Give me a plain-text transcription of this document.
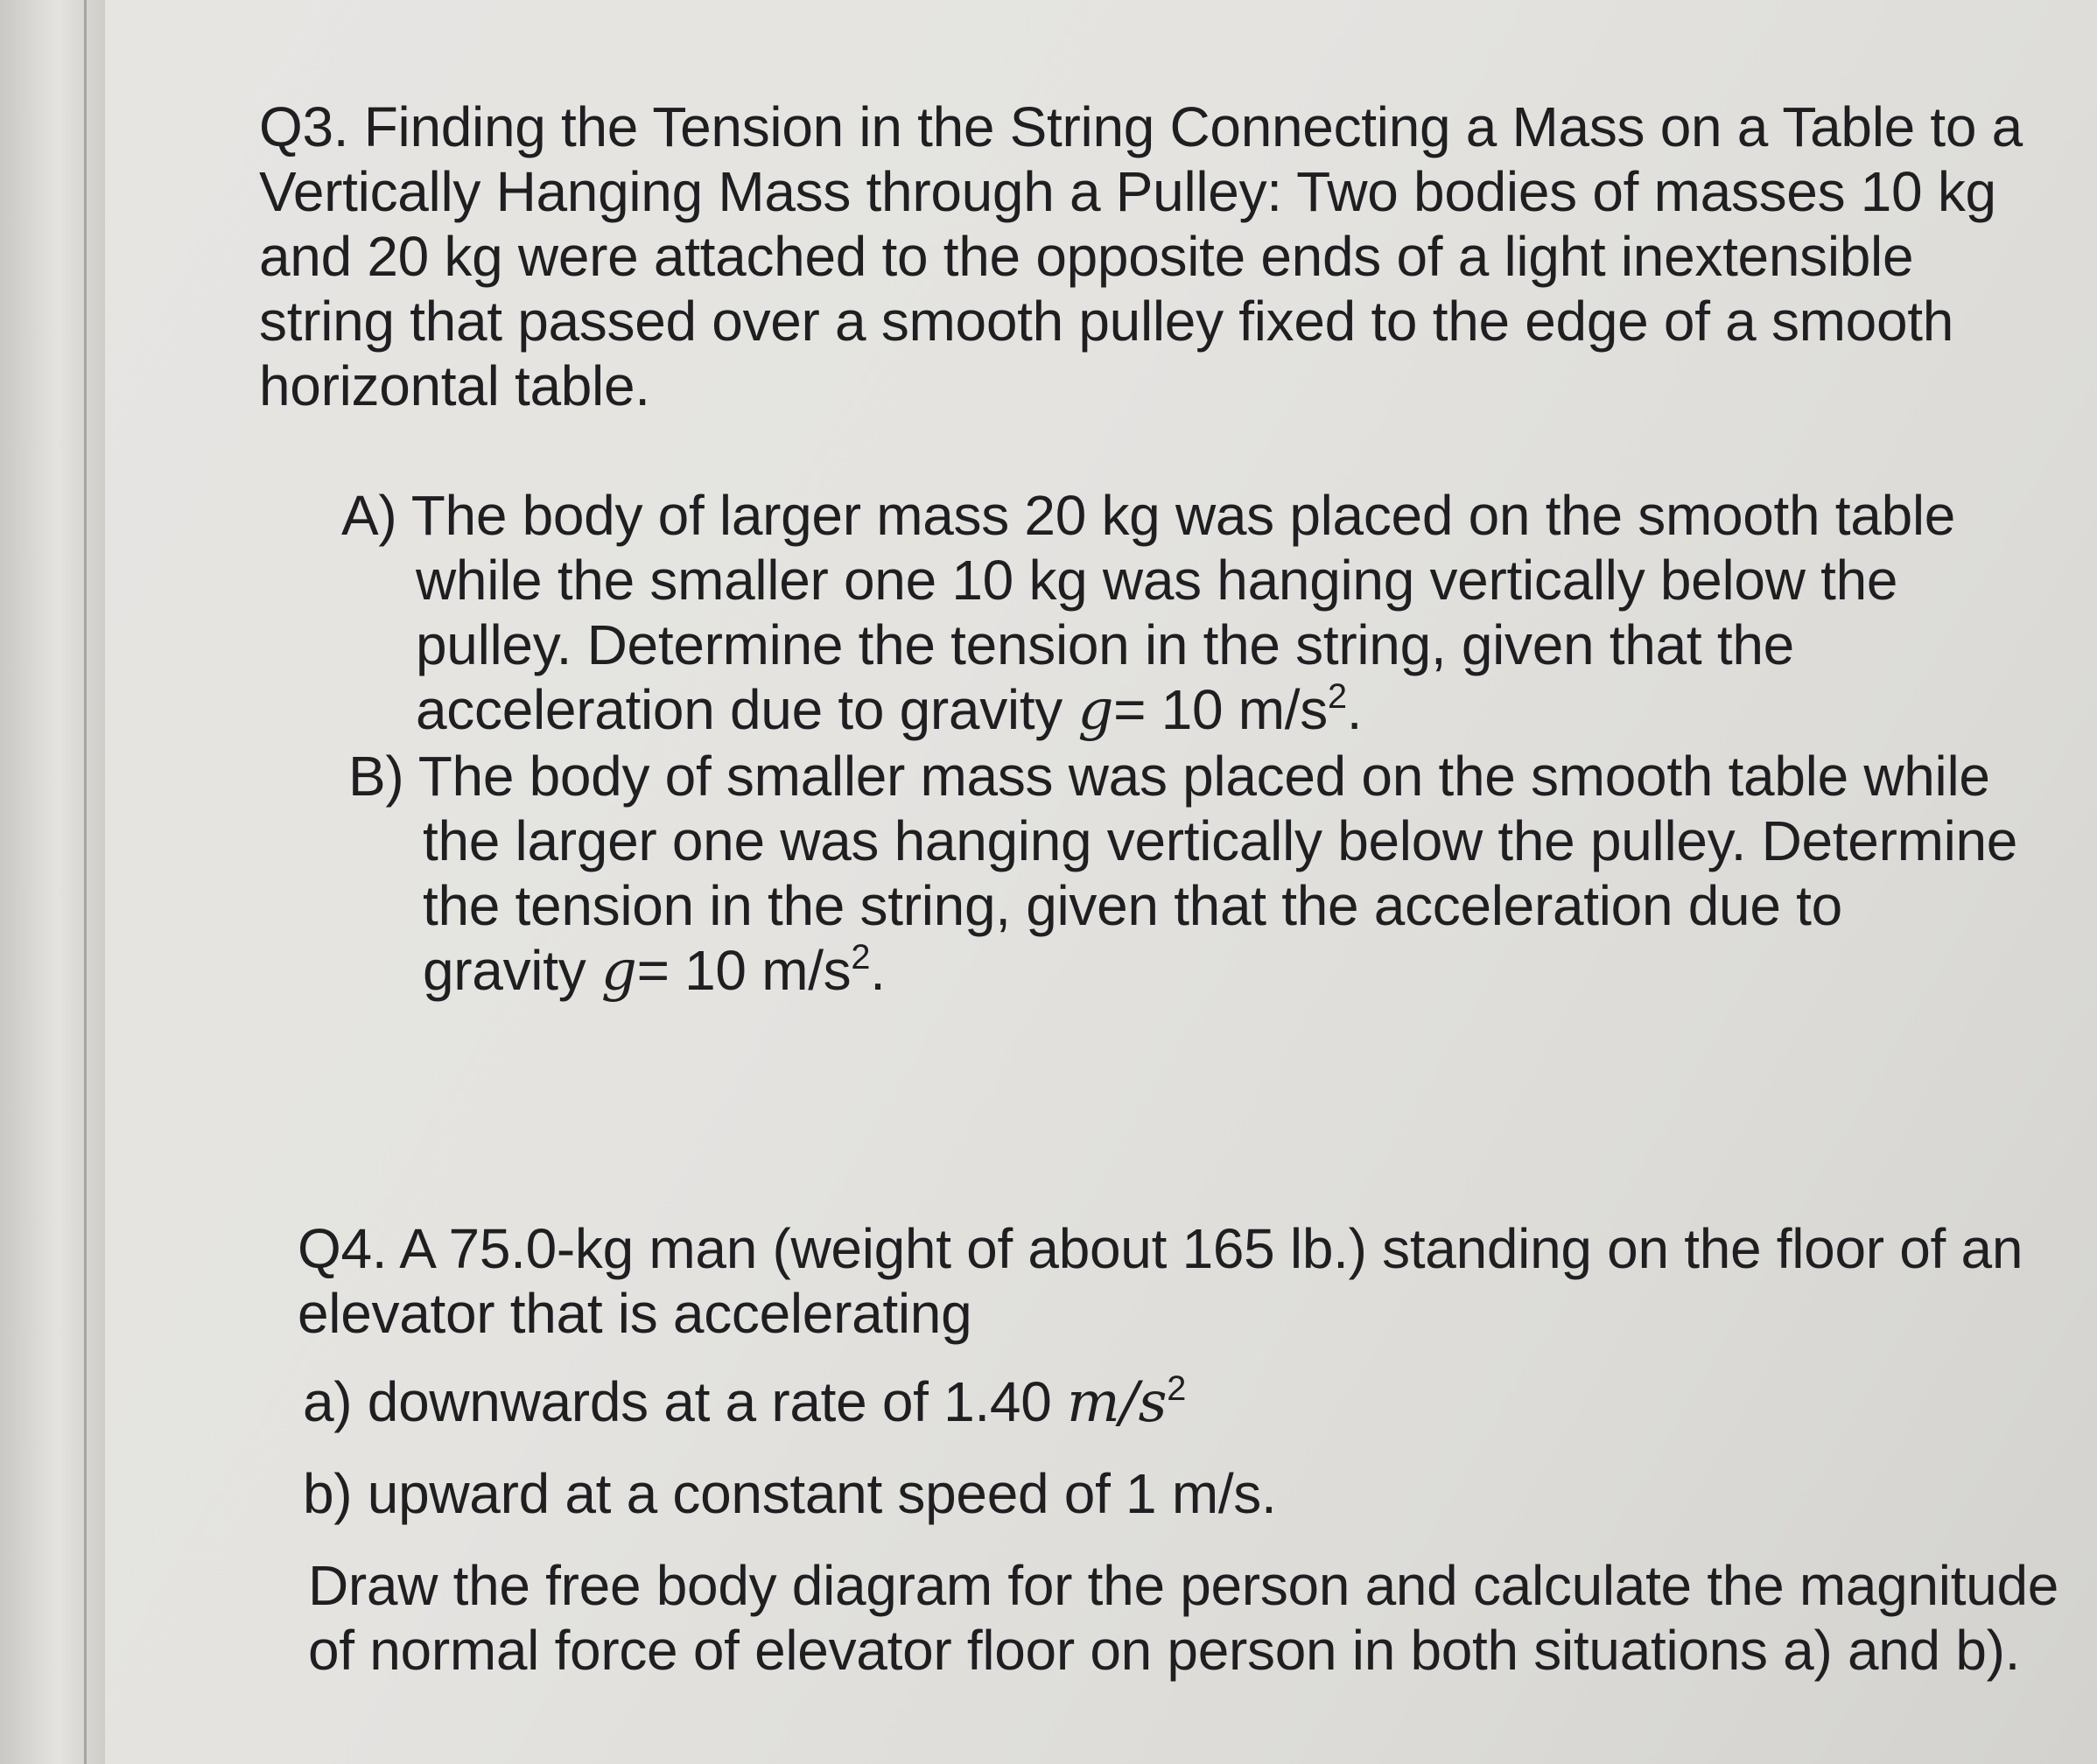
Q3. Finding the Tension in the String Connecting a Mass on a Table to a
Vertically Hanging Mass through a Pulley: Two bodies of masses 10 kg
and 20 kg were attached to the opposite ends of a light inextensible
string that passed over a smooth pulley fixed to the edge of a smooth
horizontal table.
A) The body of larger mass 20 kg was placed on the smooth table
while the smaller one 10 kg was hanging vertically below the
pulley. Determine the tension in the string, given that the
acceleration due to gravity g= 10 $m/s^2$.
B) The body of smaller mass was placed on the smooth table while
the larger one was hanging vertically below the pulley. Determine
the tension in the string, given that the acceleration due to
gravity g= 10 $m/s^2$.
Q4. A 75.0-kg man (weight of about 165 lb.) standing on the floor of an
elevator that is accelerating
a) downwards at a rate of 1.40 $m/s^2$
b) upward at a constant speed of 1 m/s.
Draw the free body diagram for the person and calculate the magnitude
of normal force of elevator floor on person in both situations a) and b).
